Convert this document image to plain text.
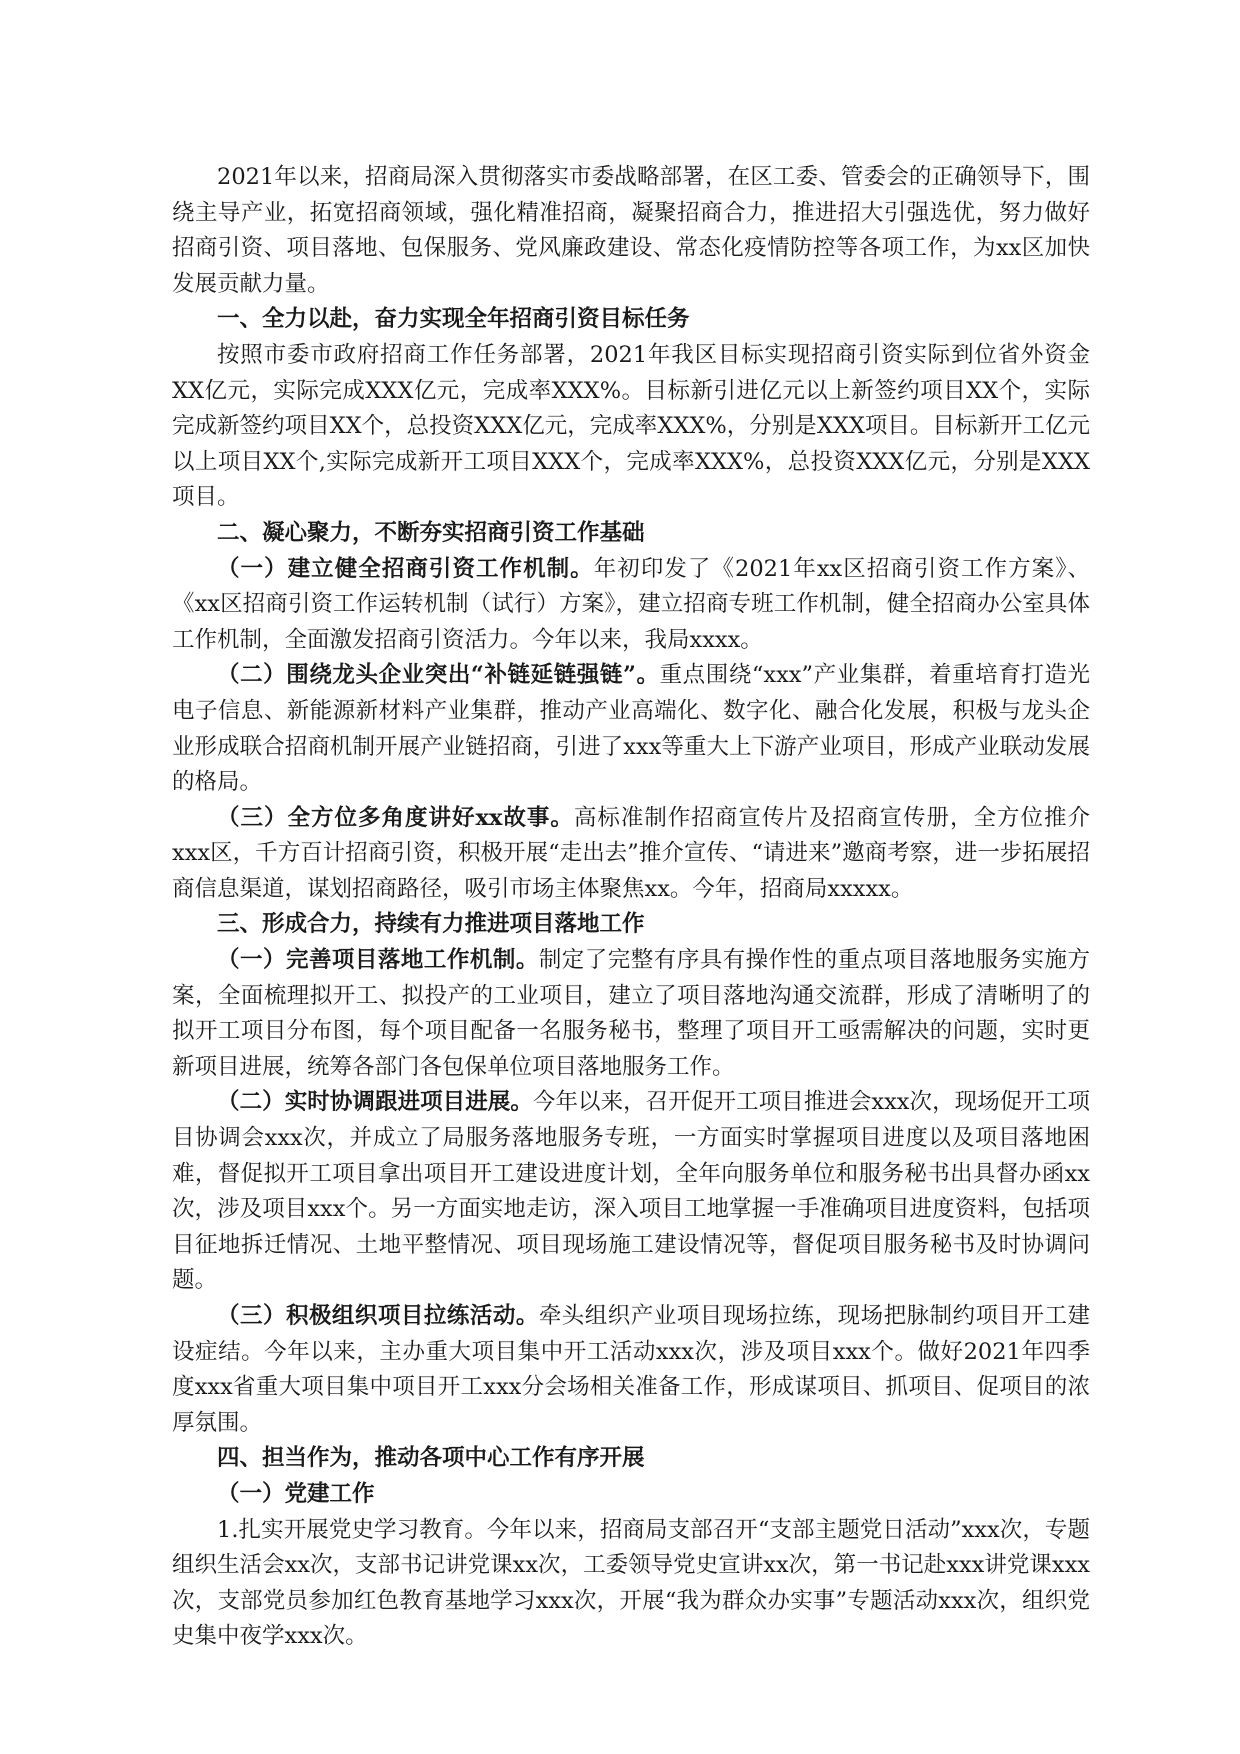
2021年以来，招商局深入贯彻落实市委战略部署，在区工委、管委会的正确领导下，围绕主导产业，拓宽招商领域，强化精准招商，凝聚招商合力，推进招大引强选优，努力做好招商引资、项目落地、包保服务、党风廉政建设、常态化疫情防控等各项工作，为xx区加快发展贡献力量。

一、全力以赴，奋力实现全年招商引资目标任务

按照市委市政府招商工作任务部署，2021年我区目标实现招商引资实际到位省外资金XX亿元，实际完成XXX亿元，完成率XXX%。目标新引进亿元以上新签约项目XX个，实际完成新签约项目XX个，总投资XXX亿元，完成率XXX%，分别是XXX项目。目标新开工亿元以上项目XX个,实际完成新开工项目XXX个，完成率XXX%，总投资XXX亿元，分别是XXX项目。

二、凝心聚力，不断夯实招商引资工作基础

（一）建立健全招商引资工作机制。年初印发了《2021年xx区招商引资工作方案》、《xx区招商引资工作运转机制（试行）方案》，建立招商专班工作机制，健全招商办公室具体工作机制，全面激发招商引资活力。今年以来，我局xxxx。

（二）围绕龙头企业突出“补链延链强链”。重点围绕“xxx”产业集群，着重培育打造光电子信息、新能源新材料产业集群，推动产业高端化、数字化、融合化发展，积极与龙头企业形成联合招商机制开展产业链招商，引进了xxx等重大上下游产业项目，形成产业联动发展的格局。

（三）全方位多角度讲好xx故事。高标准制作招商宣传片及招商宣传册，全方位推介xxx区，千方百计招商引资，积极开展“走出去”推介宣传、“请进来”邀商考察，进一步拓展招商信息渠道，谋划招商路径，吸引市场主体聚焦xx。今年，招商局xxxxx。

三、形成合力，持续有力推进项目落地工作

（一）完善项目落地工作机制。制定了完整有序具有操作性的重点项目落地服务实施方案，全面梳理拟开工、拟投产的工业项目，建立了项目落地沟通交流群，形成了清晰明了的拟开工项目分布图，每个项目配备一名服务秘书，整理了项目开工亟需解决的问题，实时更新项目进展，统筹各部门各包保单位项目落地服务工作。

（二）实时协调跟进项目进展。今年以来，召开促开工项目推进会xxx次，现场促开工项目协调会xxx次，并成立了局服务落地服务专班，一方面实时掌握项目进度以及项目落地困难，督促拟开工项目拿出项目开工建设进度计划，全年向服务单位和服务秘书出具督办函xx次，涉及项目xxx个。另一方面实地走访，深入项目工地掌握一手准确项目进度资料，包括项目征地拆迁情况、土地平整情况、项目现场施工建设情况等，督促项目服务秘书及时协调问题。

（三）积极组织项目拉练活动。牵头组织产业项目现场拉练，现场把脉制约项目开工建设症结。今年以来，主办重大项目集中开工活动xxx次，涉及项目xxx个。做好2021年四季度xxx省重大项目集中项目开工xxx分会场相关准备工作，形成谋项目、抓项目、促项目的浓厚氛围。

四、担当作为，推动各项中心工作有序开展

（一）党建工作

1.扎实开展党史学习教育。今年以来，招商局支部召开“支部主题党日活动”xxx次，专题组织生活会xx次，支部书记讲党课xx次，工委领导党史宣讲xx次，第一书记赴xxx讲党课xxx次，支部党员参加红色教育基地学习xxx次，开展“我为群众办实事”专题活动xxx次，组织党史集中夜学xxx次。
